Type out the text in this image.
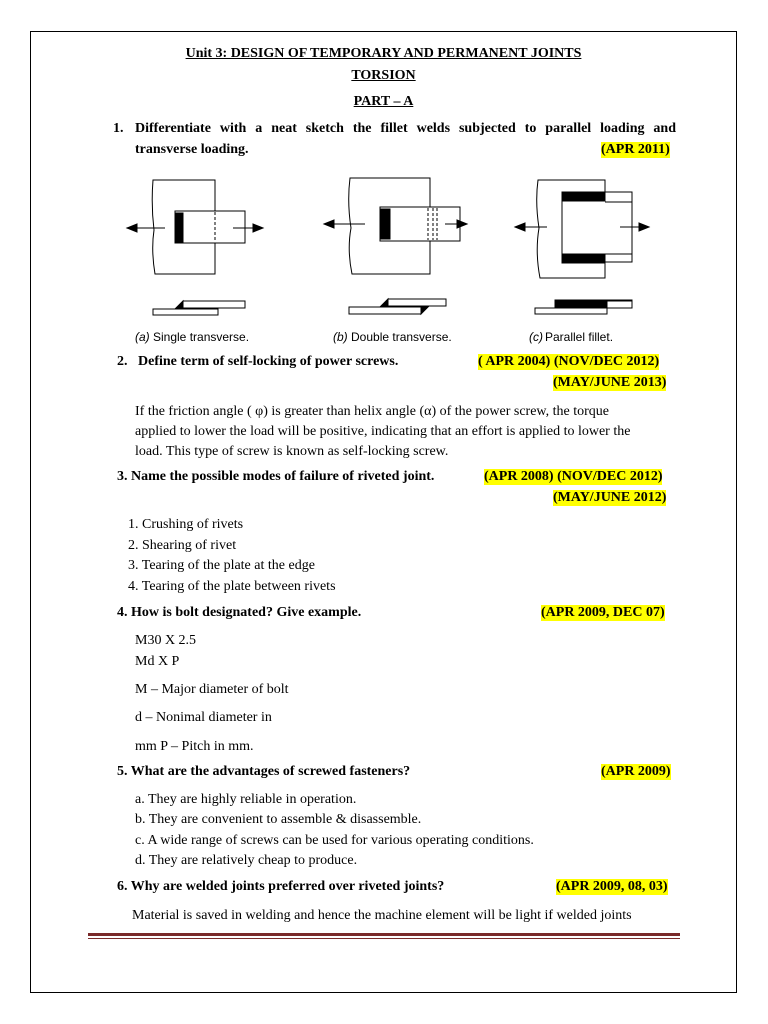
Unit 3: DESIGN OF TEMPORARY AND PERMANENT JOINTS
TORSION
PART – A
1. Differentiate with a neat sketch the fillet welds subjected to parallel loading and
transverse loading.	(APR 2011)
(a) Single transverse.	(b) Double transverse.	(c) Parallel fillet.
2. Define term of self-locking of power screws.	( APR 2004) (NOV/DEC 2012)
(MAY/JUNE 2013)
If the friction angle ( φ) is greater than helix angle (α) of the power screw, the torque
applied to lower the load will be positive, indicating that an effort is applied to lower the
load. This type of screw is known as self-locking screw.
3. Name the possible modes of failure of riveted joint.	(APR 2008) (NOV/DEC 2012)
(MAY/JUNE 2012)
1. Crushing of rivets
2. Shearing of rivet
3. Tearing of the plate at the edge
4. Tearing of the plate between rivets
4. How is bolt designated? Give example.	(APR 2009, DEC 07)
M30 X 2.5
Md X P
M – Major diameter of bolt
d – Nonimal diameter in
mm P – Pitch in mm.
5. What are the advantages of screwed fasteners?	(APR 2009)
a. They are highly reliable in operation.
b. They are convenient to assemble & disassemble.
c. A wide range of screws can be used for various operating conditions.
d. They are relatively cheap to produce.
6. Why are welded joints preferred over riveted joints?	(APR 2009, 08, 03)
Material is saved in welding and hence the machine element will be light if welded joints
